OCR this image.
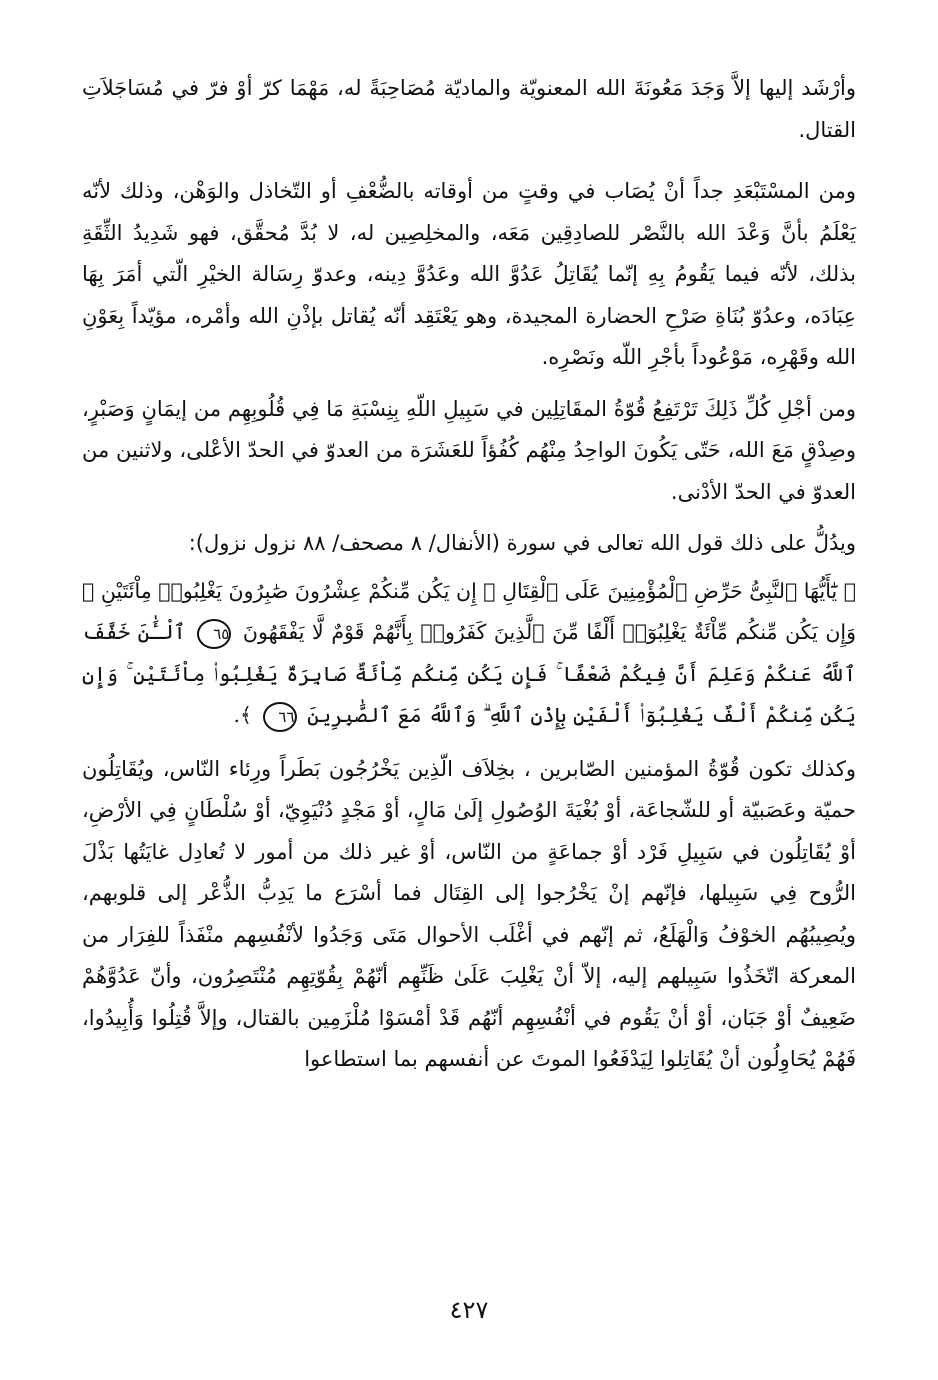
وأرْشَد إليها إلاَّ وَجَدَ مَعُونَةَ الله المعنويّة والماديّة مُصَاحِبَةً له، مَهْمَا كرّ أوْ فرّ في مُسَاجَلاَتِ القتال.

ومن المسْتَبْعَدِ جداً أنْ يُصَاب في وقتٍ من أوقاته بالضُّعْفِ أو التّخاذل والوَهْن، وذلك لأنّه يَعْلَمُ بأنَّ وَعْدَ الله بالنَّصْر للصادِقِين مَعَه، والمخلِصِين له، لا بُدَّ مُحقَّق، فهو شَدِيدُ الثِّقَةِ بذلك، لأنّه فيما يَقُومُ بِهِ إنّما يُقَاتِلُ عَدُوَّ الله وعَدُوَّ دِينه، وعدوّ رِسَالة الخيْرِ الّتي أمَرَ بِهَا عِبَادَه، وعدُوّ بُنَاةِ صَرْحِ الحضارة المجيدة، وهو يَعْتَقِد أنّه يُقاتل بإذْنِ الله وأمْره، مؤيّداً بِعَوْنِ الله وقَهْرِه، مَوْعُوداً بأجْرِ اللّه ونَصْرِه.

ومن أجْلِ كُلِّ ذَلِكَ تَرْتَفِعُ قُوّةُ المقَاتِلِين في سَبِيلِ اللّهِ بِنِسْبَةِ مَا فِي قُلُوبِهِم من إيمَانٍ وَصَبْرٍ، وصِدْقٍ مَعَ الله، حَتّى يَكُونَ الواحِدُ مِنْهُم كُفُؤاً للعَشَرَة من العدوّ في الحدّ الأعْلى، ولاثنين من العدوّ في الحدّ الأدْنى.

ويدُلُّ على ذلك قول الله تعالى في سورة (الأنفال/ ٨ مصحف/ ٨٨ نزول نزول):

﴿ يَٰٓأَيُّهَا ٱلنَّبِىُّ حَرِّضِ ٱلْمُؤْمِنِينَ عَلَى ٱلْقِتَالِ ۚ إِن يَكُن مِّنكُمْ عِشْرُونَ صَٰبِرُونَ يَغْلِبُوا۟ مِاْئَتَيْنِ ۚ وَإِن يَكُن مِّنكُم مِّاْئَةٌ يَغْلِبُوٓا۟ أَلْفًا مِّنَ ٱلَّذِينَ كَفَرُوا۟ بِأَنَّهُمْ قَوْمٌ لَّا يَفْقَهُونَ ٦٥ ٱلْـَٰٔنَ خَفَّفَ ٱللَّهُ عَنكُمْ وَعَلِمَ أَنَّ فِيكُمْ ضَعْفًا ۚ فَإِن يَكُن مِّنكُم مِّاْئَةٌ صَابِرَةٌ يَغْلِبُوا۟ مِاْئَتَيْنِ ۚ وَإِن يَكُن مِّنكُمْ أَلْفٌ يَغْلِبُوٓا۟ أَلْفَيْنِ بِإِذْنِ ٱللَّهِ ۗ وَٱللَّهُ مَعَ ٱلصَّٰبِرِينَ ٦٦ ﴾.

وكذلك تكون قُوّةُ المؤمنين الصّابرين ، بخِلاَف الّذِين يَخْرُجُون بَطَراً ورِئاء النّاس، ويُقَاتِلُون حميّة وعَصَبيّة أو للشّجاعَة، أوْ بُغْيَةَ الوُصُولِ إلَىٰ مَالٍ، أوْ مَجْدٍ دُنْيَوِيّ، أوْ سُلْطَانٍ فِي الأرْضِ، أوْ يُقَاتِلُون في سَبِيلِ فَرْد أوْ جماعَةٍ من النّاس، أوْ غير ذلك من أمور لا تُعادِل غايَتُها بَذْلَ الرُّوح فِي سَبِيلها، فإنّهم إنْ يَخْرُجوا إلى القِتَال فما أسْرَع ما يَدِبُّ الذُّعْر إلى قلوبهم، ويُصِيبُهُم الخوْفُ وَالْهَلَعُ، ثم إنّهم في أغْلَب الأحوال مَتَى وَجَدُوا لأنْفُسِهم منْفَذاً للفِرَار من المعركة اتّخَذُوا سَبِيلهم إليه، إلاّ أنْ يَغْلِبَ عَلَىٰ ظَنِّهِم أنّهُمْ بِقُوّتِهِم مُنْتَصِرُون، وأنّ عَدُوَّهُمْ ضَعِيفٌ أوْ جَبَان، أوْ أنْ يَقُوم في أنْفُسِهِم أنّهُم قَدْ أمْسَوْا مُلْزَمِين بالقتال، وإلاَّ قُتِلُوا وَأُبِيدُوا، فَهُمْ يُحَاوِلُون أنْ يُقَاتِلوا لِيَدْفَعُوا الموتَ عن أنفسهم بما استطاعوا

٤٢٧
